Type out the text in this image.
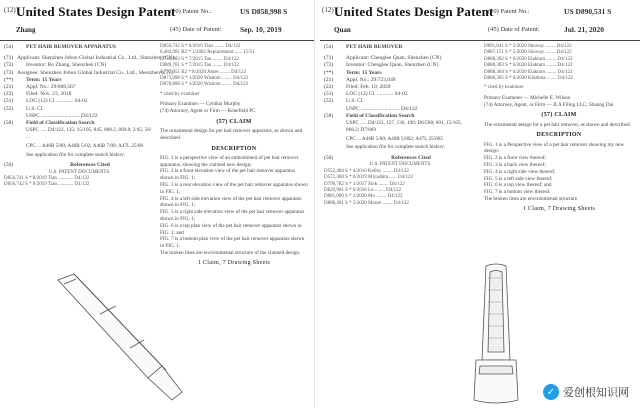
(12) United States Design Patent
Zhang
(10) Patent No.:	US D858,998 S
(45) Date of Patent: Sep. 10, 2019
(54)	PET HAIR REMOVER APPARATUS
(71) Applicant: Shenzhen Jobon Global Industrial Co., Ltd., Shenzhen (CN)
(72)	Inventor: Bo Zhang, Shenzhen (CN)
(73) Assignee: Shenzhen Jobon Global Industrial Co., Ltd., Shenzhen (CN)
(**)	Term: 15 Years
(21)	Appl. No.: 29/668,567
(22)	Filed: Nov. 23, 2018
(51)	LOC (12) Cl. ............ 04-02
(52)	U.S. Cl.
USPC ............................ D4/122
(58)	Field of Classification Search
USPC ..... D4/122, 135; 15/105, 845, 868.2, 868.8; 2/45; 56/ ...
CPC ... A46B 5/00; A46B 5/02; A46B 7/00; A47L 25/00
See application file for complete search history.
(56)	References Cited
U.S. PATENT DOCUMENTS
D856,741 S * 8/2019 Tian ............ D4/122
D856,742 S * 8/2019 Tian ............ D4/122
D856,742 S * 8/2019 Tian ........ D4/122
6,484,981 B2 * 1/2002 Replacement ...... 15/51
D733,983 S * 7/2015 Tan ........ D4/122
D889,761 S * 7/2015 Tan ........ D4/122
8,777,051 B2 * 8/2020 Ames ........ D4/122
D873,998 S * 1/2020 Wisdom ........ D4/122
D878,808 S * 1/2020 Wisdom ........ D4/122
* cited by examiner
Primary Examiner — Cynthia Murphy
(74) Attorney, Agent or Firm — Kenefield PC
(57) CLAIM
The ornamental design for pet hair remover apparatus, as shown and described.
DESCRIPTION
FIG. 1 is a perspective view of an embodiment of pet hair remover apparatus, showing the claimed new design;
FIG. 2 is a front elevation view of the pet hair remover apparatus shown in FIG. 1;
FIG. 3 is a rear elevation view of the pet hair remover apparatus shown in FIG. 1;
FIG. 4 is a left side elevation view of the pet hair remover apparatus shown in FIG. 1;
FIG. 5 is a right side elevation view of the pet hair remover apparatus shown in FIG. 1;
FIG. 6 is a top plan view of the pet hair remover apparatus shown in FIG. 1; and
FIG. 7 is a bottom plan view of the pet hair remover apparatus shown in FIG. 1.
The broken lines are environmental structure of the claimed design.
1 Claim, 7 Drawing Sheets
(12) United States Design Patent
Quan
(10) Patent No.:	US D890,531 S
(45) Date of Patent:	Jul. 21, 2020
(54)	PET HAIR REMOVER
(71)	Applicant: Chenglee Quan, Shenzhen (CN)
(72)	Inventor: Chenglee Quan, Shenzhen (CN)
(**)	Term: 15 Years
(21)	Appl. No.: 29/723,048
(22)	Filed: Feb. 10, 2020
(51)	LOC (12) Cl. ............ 04-02
(52)	U.S. Cl.
USPC ............................ D4/122
(58)	Field of Classification Search
USPC ..... D4/122, 127, 136, 190; D6/588; 601, 15/105, 868.2; D7/669
CPC ... A46B 5/00; A46B 5/002; A47L 25/005
See application file for complete search history.
(56)	References Cited
U.S. PATENT DOCUMENTS
D552,484 S * 4/2010 Kelley ........ D4/122
D572,360 S * 6/2019 Miyashita ...... D4/123
D790,782 S * 1/2017 Sink ........ D4/122
D820,961 S * 6/2018 Lu ........ D4/122
D881,000 S * 1/2020 Mo ........ D4/122
D888,461 S * 5/2020 Moore ........ D4/122
D891,641 S * 5/2020 Showay ........ D4/122
D887,151 S * 5/2020 Showay ........ D4/122
D888,302 S * 6/2020 Elaktum ........ D4/122
D888,303 S * 6/2020 Elaktum ........ D4/122
D888,304 S * 6/2020 Elaktum ........ D4/122
D888,305 S * 6/2020 Kluthma ........ D4/122
* cited by examiner
Primary Examiner — Michelle E. Wilson
(74) Attorney, Agent, or Firm — JLA Filing LLC; Shuang Dai
(57) CLAIM
The ornamental design for a pet hair remover, as shown and described.
DESCRIPTION
FIG. 1 is a Perspective view of a pet hair remover showing my new design;
FIG. 2 is a front view thereof;
FIG. 3 is a back view thereof;
FIG. 4 is a right side view thereof;
FIG. 5 is a left side view thereof;
FIG. 6 is a top view thereof; and
FIG. 7 is a bottom view thereof.
The broken lines are environmental structure.
1 Claim, 7 Drawing Sheets
✓ 爱创根知识网
